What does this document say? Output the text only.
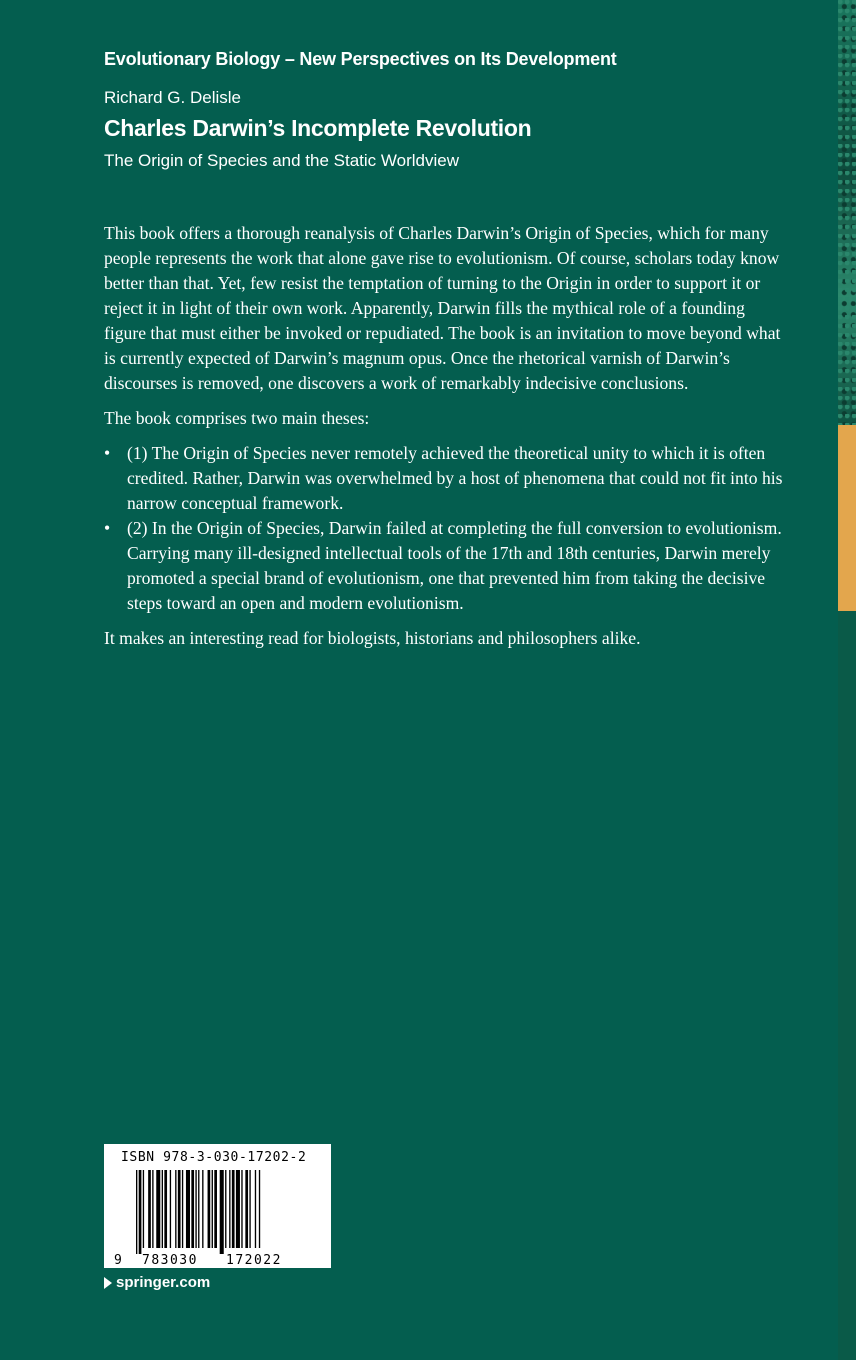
Evolutionary Biology – New Perspectives on Its Development

Richard G. Delisle

Charles Darwin’s Incomplete Revolution

The Origin of Species and the Static Worldview

This book offers a thorough reanalysis of Charles Darwin’s Origin of Species, which for many people represents the work that alone gave rise to evolutionism. Of course, scholars today know better than that. Yet, few resist the temptation of turning to the Origin in order to support it or reject it in light of their own work. Apparently, Darwin fills the mythical role of a founding figure that must either be invoked or repudiated. The book is an invitation to move beyond what is currently expected of Darwin’s magnum opus. Once the rhetorical varnish of Darwin’s discourses is removed, one discovers a work of remarkably indecisive conclusions.

The book comprises two main theses:

• (1) The Origin of Species never remotely achieved the theoretical unity to which it is often credited. Rather, Darwin was overwhelmed by a host of phenomena that could not fit into his narrow conceptual framework.
• (2) In the Origin of Species, Darwin failed at completing the full conversion to evolutionism. Carrying many ill-designed intellectual tools of the 17th and 18th centuries, Darwin merely promoted a special brand of evolutionism, one that prevented him from taking the decisive steps toward an open and modern evolutionism.

It makes an interesting read for biologists, historians and philosophers alike.

ISBN 978-3-030-17202-2
9 783030 172022
springer.com
